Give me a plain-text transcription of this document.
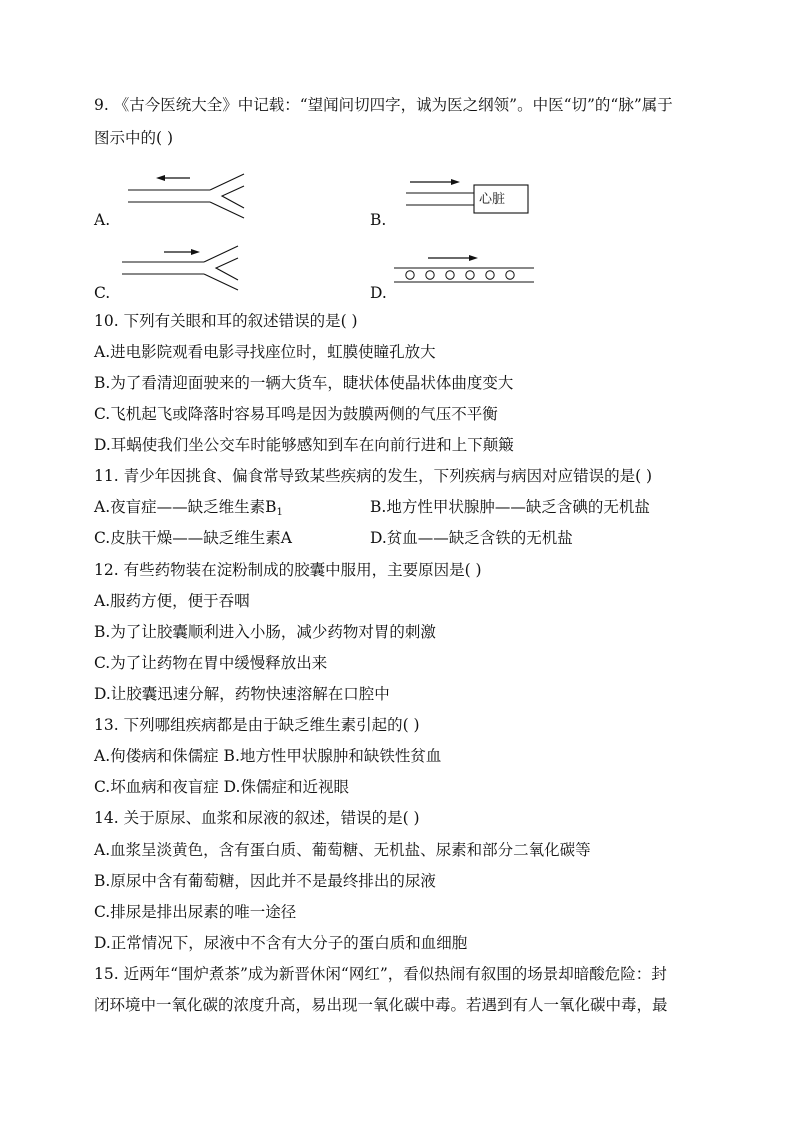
9. 《古今医统大全》中记载：“望闻问切四字，诚为医之纲领”。中医“切”的“脉”属于
图示中的( )
A.	B.
心脏
C.	D.
10. 下列有关眼和耳的叙述错误的是( )
A.进电影院观看电影寻找座位时，虹膜使瞳孔放大
B.为了看清迎面驶来的一辆大货车，睫状体使晶状体曲度变大
C.飞机起飞或降落时容易耳鸣是因为鼓膜两侧的气压不平衡
D.耳蜗使我们坐公交车时能够感知到车在向前行进和上下颠簸
11. 青少年因挑食、偏食常导致某些疾病的发生，下列疾病与病因对应错误的是( )
A.夜盲症——缺乏维生素$B_1$	B.地方性甲状腺肿——缺乏含碘的无机盐
C.皮肤干燥——缺乏维生素A	D.贫血——缺乏含铁的无机盐
12. 有些药物装在淀粉制成的胶囊中服用，主要原因是( )
A.服药方便，便于吞咽
B.为了让胶囊顺利进入小肠，减少药物对胃的刺激
C.为了让药物在胃中缓慢释放出来
D.让胶囊迅速分解，药物快速溶解在口腔中
13. 下列哪组疾病都是由于缺乏维生素引起的( )
A.佝偻病和侏儒症 B.地方性甲状腺肿和缺铁性贫血
C.坏血病和夜盲症 D.侏儒症和近视眼
14. 关于原尿、血浆和尿液的叙述，错误的是( )
A.血浆呈淡黄色，含有蛋白质、葡萄糖、无机盐、尿素和部分二氧化碳等
B.原尿中含有葡萄糖，因此并不是最终排出的尿液
C.排尿是排出尿素的唯一途径
D.正常情况下，尿液中不含有大分子的蛋白质和血细胞
15. 近两年“围炉煮茶”成为新晋休闲“网红”，看似热闹有叙围的场景却暗酸危险：封
闭环境中一氧化碳的浓度升高，易出现一氧化碳中毒。若遇到有人一氧化碳中毒，最
